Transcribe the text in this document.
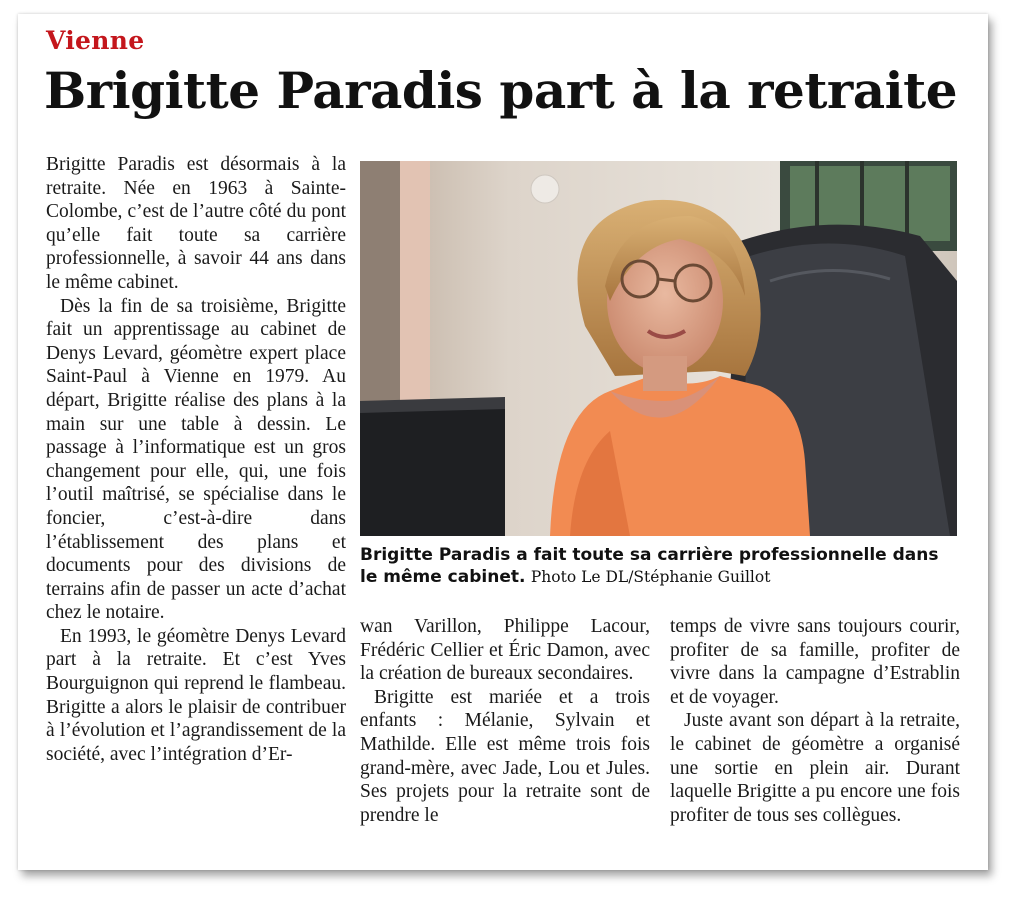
Vienne
Brigitte Paradis part à la retraite

Brigitte Paradis est désormais à la retraite. Née en 1963 à Sainte-Colombe, c’est de l’autre côté du pont qu’elle fait toute sa carrière professionnelle, à savoir 44 ans dans le même cabinet.

Dès la fin de sa troisième, Brigitte fait un apprentissage au cabinet de Denys Levard, géomètre expert place Saint-Paul à Vienne en 1979. Au départ, Brigitte réalise des plans à la main sur une table à dessin. Le passage à l’informatique est un gros changement pour elle, qui, une fois l’outil maîtrisé, se spécialise dans le foncier, c’est-à-dire dans l’établissement des plans et documents pour des divisions de terrains afin de passer un acte d’achat chez le notaire.

En 1993, le géomètre Denys Levard part à la retraite. Et c’est Yves Bourguignon qui reprend le flambeau. Brigitte a alors le plaisir de contribuer à l’évolution et l’agrandissement de la société, avec l’intégration d’Er-

Brigitte Paradis a fait toute sa carrière professionnelle dans le même cabinet. Photo Le DL/Stéphanie Guillot

wan Varillon, Philippe Lacour, Frédéric Cellier et Éric Damon, avec la création de bureaux secondaires.

Brigitte est mariée et a trois enfants : Mélanie, Sylvain et Mathilde. Elle est même trois fois grand-mère, avec Jade, Lou et Jules. Ses projets pour la retraite sont de prendre le

temps de vivre sans toujours courir, profiter de sa famille, profiter de vivre dans la campagne d’Estrablin et de voyager.

Juste avant son départ à la retraite, le cabinet de géomètre a organisé une sortie en plein air. Durant laquelle Brigitte a pu encore une fois profiter de tous ses collègues.
